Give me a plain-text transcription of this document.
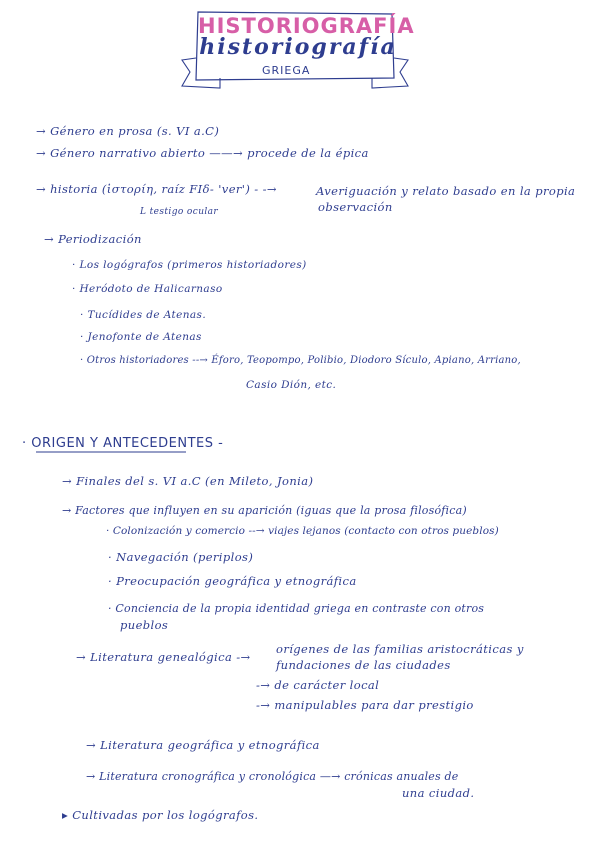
HISTORIOGRAFÍA
historiografía
GRIEGA
→ Género en prosa (s. VI a.C)
→ Género narrativo abierto ——→ procede de la épica
→ historia (ἱστορίη, raíz FIδ- 'ver') - -→
L testigo ocular
Averiguación y relato basado en la propia
observación
→ Periodización
· Los logógrafos (primeros historiadores)
· Heródoto de Halicarnaso
· Tucídides de Atenas.
· Jenofonte de Atenas
· Otros historiadores --→ Éforo, Teopompo, Polibio, Diodoro Sículo, Apiano, Arriano,
Casio Dión, etc.
· ORIGEN Y ANTECEDENTES -
→ Finales del s. VI a.C (en Mileto, Jonia)
→ Factores que influyen en su aparición (iguas que la prosa filosófica)
· Colonización y comercio --→ viajes lejanos (contacto con otros pueblos)
· Navegación (periplos)
· Preocupación geográfica y etnográfica
· Conciencia de la propia identidad griega en contraste con otros
pueblos
→ Literatura genealógica -→
orígenes de las familias aristocráticas y
fundaciones de las ciudades
-→ de carácter local
-→ manipulables para dar prestigio
→ Literatura geográfica y etnográfica
→ Literatura cronográfica y cronológica —→ crónicas anuales de
una ciudad.
▸ Cultivadas por los logógrafos.
